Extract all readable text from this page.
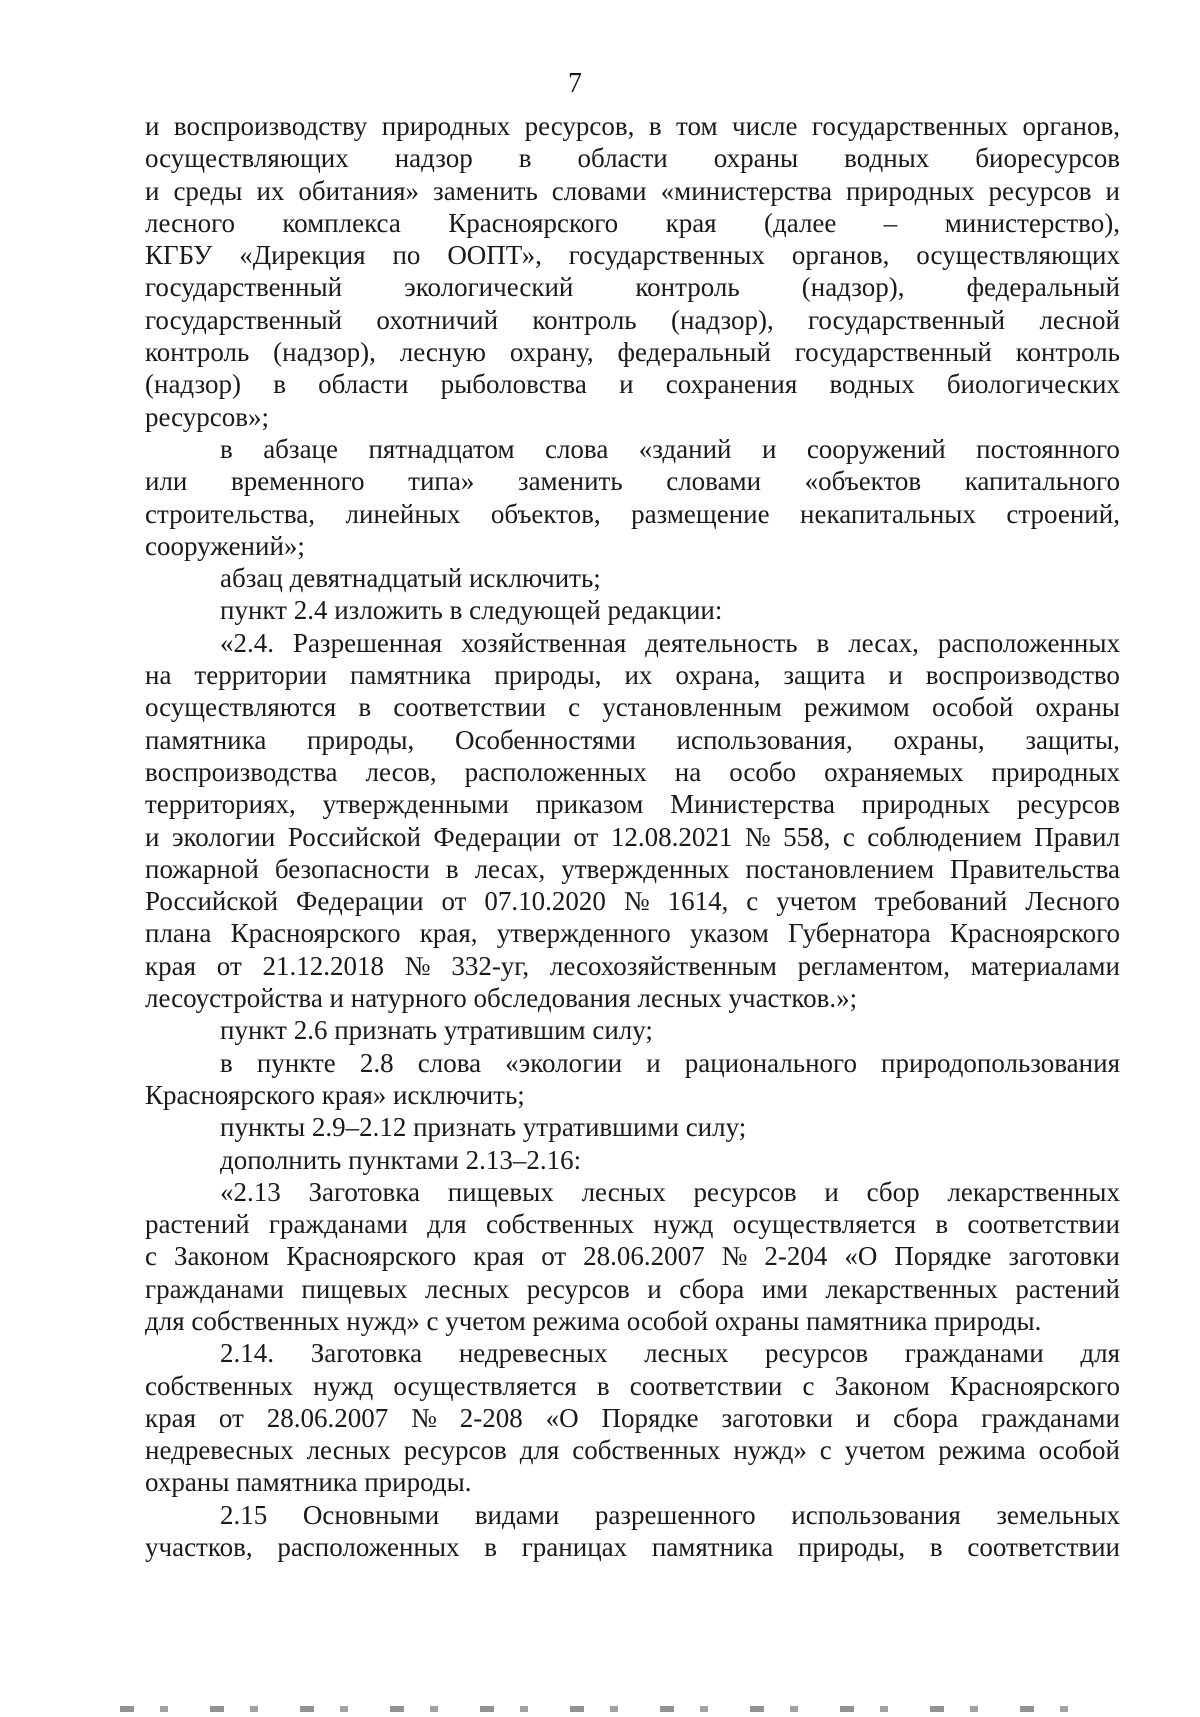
7
и воспроизводству природных ресурсов, в том числе государственных органов,
осуществляющих надзор в области охраны водных биоресурсов
и среды их обитания» заменить словами «министерства природных ресурсов и
лесного комплекса Красноярского края (далее – министерство),
КГБУ «Дирекция по ООПТ», государственных органов, осуществляющих
государственный экологический контроль (надзор), федеральный
государственный охотничий контроль (надзор), государственный лесной
контроль (надзор), лесную охрану, федеральный государственный контроль
(надзор) в области рыболовства и сохранения водных биологических
ресурсов»;
в абзаце пятнадцатом слова «зданий и сооружений постоянного
или временного типа» заменить словами «объектов капитального
строительства, линейных объектов, размещение некапитальных строений,
сооружений»;
абзац девятнадцатый исключить;
пункт 2.4 изложить в следующей редакции:
«2.4. Разрешенная хозяйственная деятельность в лесах, расположенных
на территории памятника природы, их охрана, защита и воспроизводство
осуществляются в соответствии с установленным режимом особой охраны
памятника природы, Особенностями использования, охраны, защиты,
воспроизводства лесов, расположенных на особо охраняемых природных
территориях, утвержденными приказом Министерства природных ресурсов
и экологии Российской Федерации от 12.08.2021 № 558, с соблюдением Правил
пожарной безопасности в лесах, утвержденных постановлением Правительства
Российской Федерации от 07.10.2020 № 1614, с учетом требований Лесного
плана Красноярского края, утвержденного указом Губернатора Красноярского
края от 21.12.2018 № 332-уг, лесохозяйственным регламентом, материалами
лесоустройства и натурного обследования лесных участков.»;
пункт 2.6 признать утратившим силу;
в пункте 2.8 слова «экологии и рационального природопользования
Красноярского края» исключить;
пункты 2.9–2.12 признать утратившими силу;
дополнить пунктами 2.13–2.16:
«2.13 Заготовка пищевых лесных ресурсов и сбор лекарственных
растений гражданами для собственных нужд осуществляется в соответствии
с Законом Красноярского края от 28.06.2007 № 2-204 «О Порядке заготовки
гражданами пищевых лесных ресурсов и сбора ими лекарственных растений
для собственных нужд» с учетом режима особой охраны памятника природы.
2.14. Заготовка недревесных лесных ресурсов гражданами для
собственных нужд осуществляется в соответствии с Законом Красноярского
края от 28.06.2007 № 2-208 «О Порядке заготовки и сбора гражданами
недревесных лесных ресурсов для собственных нужд» с учетом режима особой
охраны памятника природы.
2.15 Основными видами разрешенного использования земельных
участков, расположенных в границах памятника природы, в соответствии
